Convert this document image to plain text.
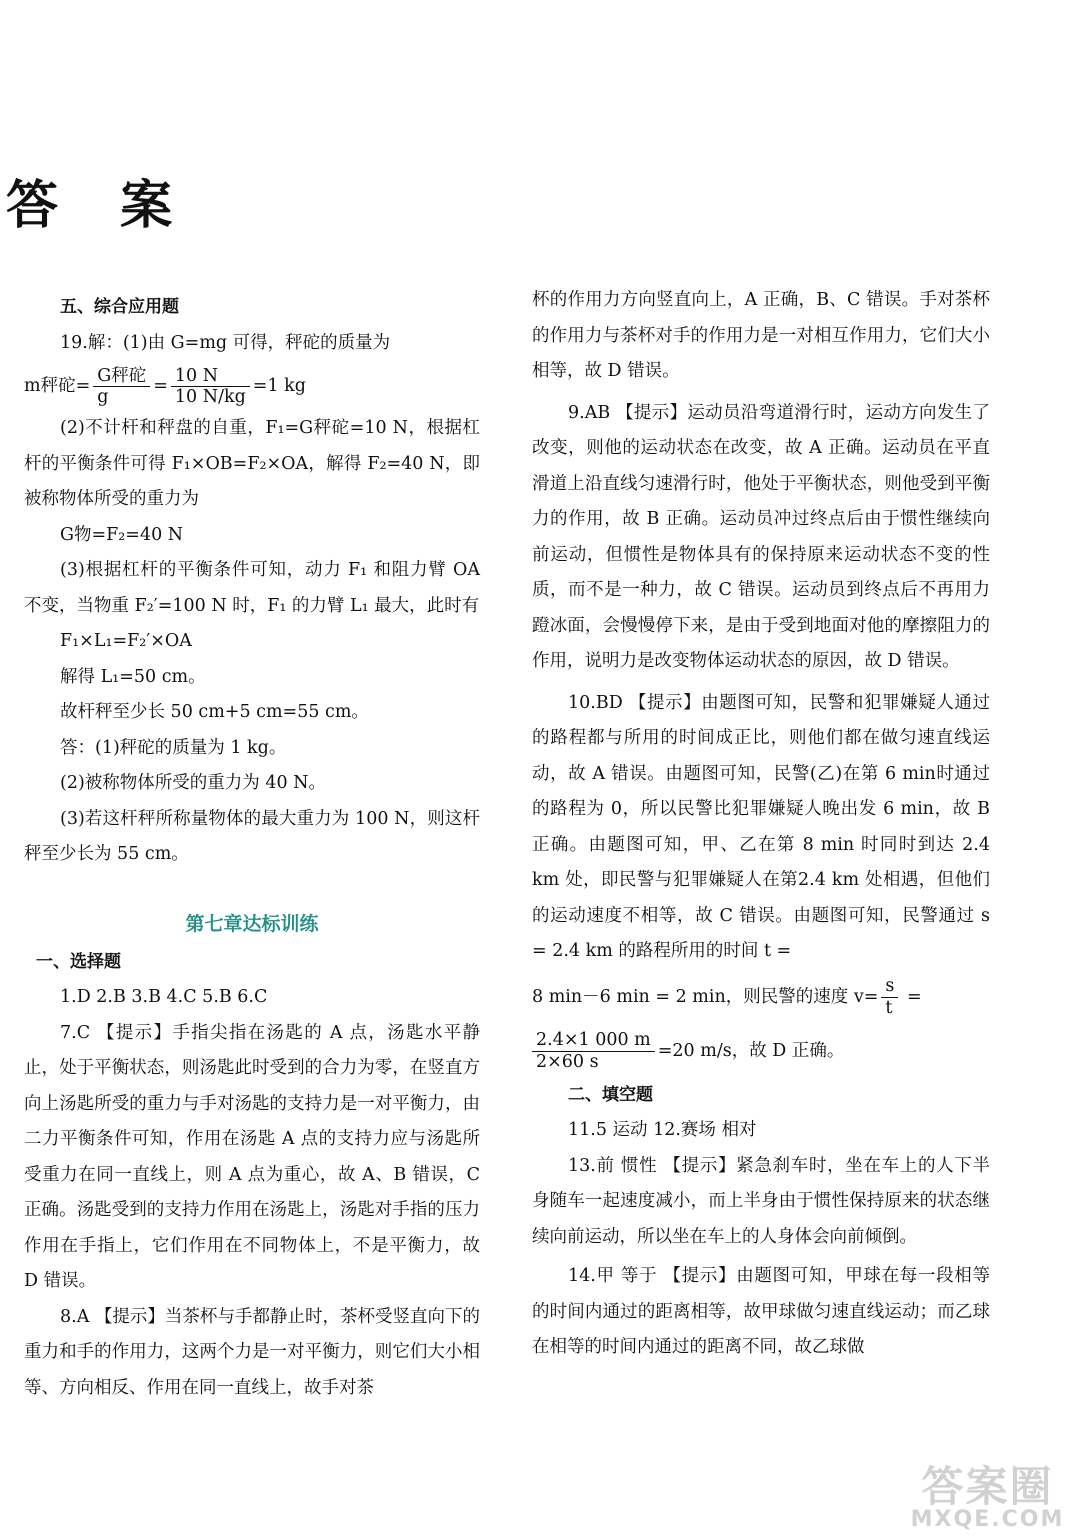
答 案

五、综合应用题

19.解：(1)由 G=mg 可得，秤砣的质量为

m秤砣= $\frac{\text{G秤砣}}{g} = \frac{10 N}{10 N/kg} =1$ kg

(2)不计杆和秤盘的自重，F₁=G秤砣=10 N，根据杠杆的平衡条件可得 F₁×OB=F₂×OA，解得 F₂=40 N，即被称物体所受的重力为

G物=F₂=40 N

(3)根据杠杆的平衡条件可知，动力 F₁ 和阻力臂 OA 不变，当物重 F₂′=100 N 时，F₁ 的力臂 L₁ 最大，此时有

F₁×L₁=F₂′×OA

解得 L₁=50 cm。

故杆秤至少长 50 cm+5 cm=55 cm。

答：(1)秤砣的质量为 1 kg。

(2)被称物体所受的重力为 40 N。

(3)若这杆秤所称量物体的最大重力为 100 N，则这杆秤至少长为 55 cm。

第七章达标训练

一、选择题

1.D 2.B 3.B 4.C 5.B 6.C

7.C 【提示】手指尖指在汤匙的 A 点，汤匙水平静止，处于平衡状态，则汤匙此时受到的合力为零，在竖直方向上汤匙所受的重力与手对汤匙的支持力是一对平衡力，由二力平衡条件可知，作用在汤匙 A 点的支持力应与汤匙所受重力在同一直线上，则 A 点为重心，故 A、B 错误，C 正确。汤匙受到的支持力作用在汤匙上，汤匙对手指的压力作用在手指上，它们作用在不同物体上，不是平衡力，故 D 错误。

8.A 【提示】当茶杯与手都静止时，茶杯受竖直向下的重力和手的作用力，这两个力是一对平衡力，则它们大小相等、方向相反、作用在同一直线上，故手对茶

杯的作用力方向竖直向上，A 正确，B、C 错误。手对茶杯的作用力与茶杯对手的作用力是一对相互作用力，它们大小相等，故 D 错误。

9.AB 【提示】运动员沿弯道滑行时，运动方向发生了改变，则他的运动状态在改变，故 A 正确。运动员在平直滑道上沿直线匀速滑行时，他处于平衡状态，则他受到平衡力的作用，故 B 正确。运动员冲过终点后由于惯性继续向前运动，但惯性是物体具有的保持原来运动状态不变的性质，而不是一种力，故 C 错误。运动员到终点后不再用力蹬冰面，会慢慢停下来，是由于受到地面对他的摩擦阻力的作用，说明力是改变物体运动状态的原因，故 D 错误。

10.BD 【提示】由题图可知，民警和犯罪嫌疑人通过的路程都与所用的时间成正比，则他们都在做匀速直线运动，故 A 错误。由题图可知，民警(乙)在第 6 min时通过的路程为 0，所以民警比犯罪嫌疑人晚出发 6 min，故 B 正确。由题图可知，甲、乙在第 8 min 时同时到达 2.4 km 处，即民警与犯罪嫌疑人在第2.4 km 处相遇，但他们的运动速度不相等，故 C 错误。由题图可知，民警通过 s = 2.4 km 的路程所用的时间 t =

8 min－6 min = 2 min，则民警的速度 $v= \frac{s}{t}$ =
$\frac{2.4\times 1 000 m}{2\times 60 s} =20$ m/s，故 D 正确。

二、填空题

11.5 运动 12.赛场 相对

13.前 惯性 【提示】紧急刹车时，坐在车上的人下半身随车一起速度减小，而上半身由于惯性保持原来的状态继续向前运动，所以坐在车上的人身体会向前倾倒。

14.甲 等于 【提示】由题图可知，甲球在每一段相等的时间内通过的距离相等，故甲球做匀速直线运动；而乙球在相等的时间内通过的距离不同，故乙球做

答案圈
MXQE.COM
